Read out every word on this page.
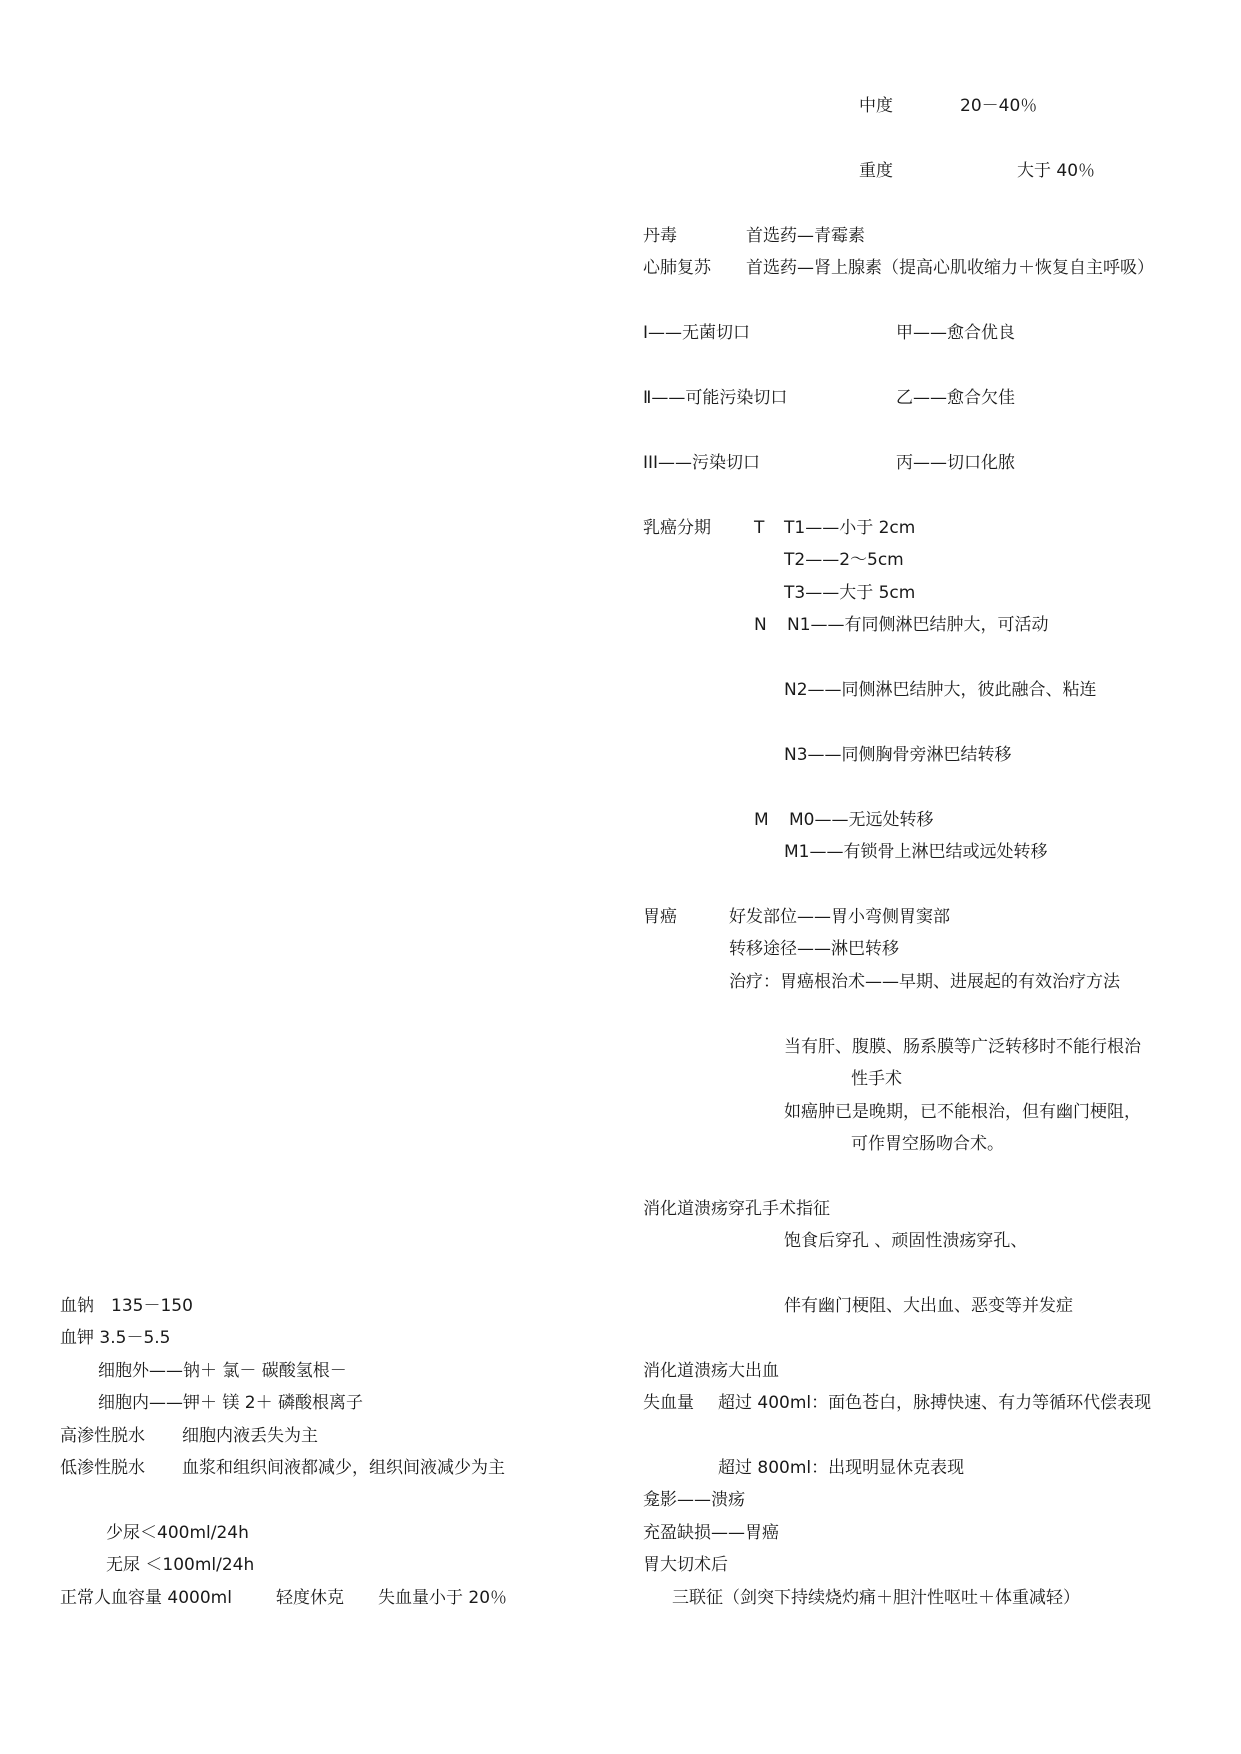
中度	20－40％
重度	大于 40％
丹毒	首选药—青霉素
心肺复苏 首选药—肾上腺素（提高心肌收缩力＋恢复自主呼吸）
Ⅰ——无菌切口	甲——愈合优良
Ⅱ——可能污染切口	乙——愈合欠佳
III——污染切口	丙——切口化脓
乳癌分期	T T1——小于 2cm
T2——2～5cm
T3——大于 5cm
N N1——有同侧淋巴结肿大，可活动
N2——同侧淋巴结肿大，彼此融合、粘连
N3——同侧胸骨旁淋巴结转移
M M0——无远处转移
M1——有锁骨上淋巴结或远处转移
胃癌	好发部位——胃小弯侧胃窦部
转移途径——淋巴转移
治疗：胃癌根治术——早期、进展起的有效治疗方法
当有肝、腹膜、肠系膜等广泛转移时不能行根治
性手术
如癌肿已是晚期，已不能根治，但有幽门梗阻，
可作胃空肠吻合术。
消化道溃疡穿孔手术指征
饱食后穿孔 、顽固性溃疡穿孔、
伴有幽门梗阻、大出血、恶变等并发症
消化道溃疡大出血
失血量 超过 400ml：面色苍白，脉搏快速、有力等循环代偿表现
超过 800ml：出现明显休克表现
龛影——溃疡
充盈缺损——胃癌
胃大切术后
三联征（剑突下持续烧灼痛＋胆汁性呕吐＋体重减轻）
血钠　135－150
血钾 3.5－5.5
细胞外——钠＋ 氯－ 碳酸氢根－
细胞内——钾＋ 镁 2＋ 磷酸根离子
高渗性脱水 细胞内液丢失为主
低渗性脱水 血浆和组织间液都减少，组织间液减少为主
少尿＜400ml/24h
无尿 ＜100ml/24h
正常人血容量 4000ml	轻度休克 失血量小于 20％
